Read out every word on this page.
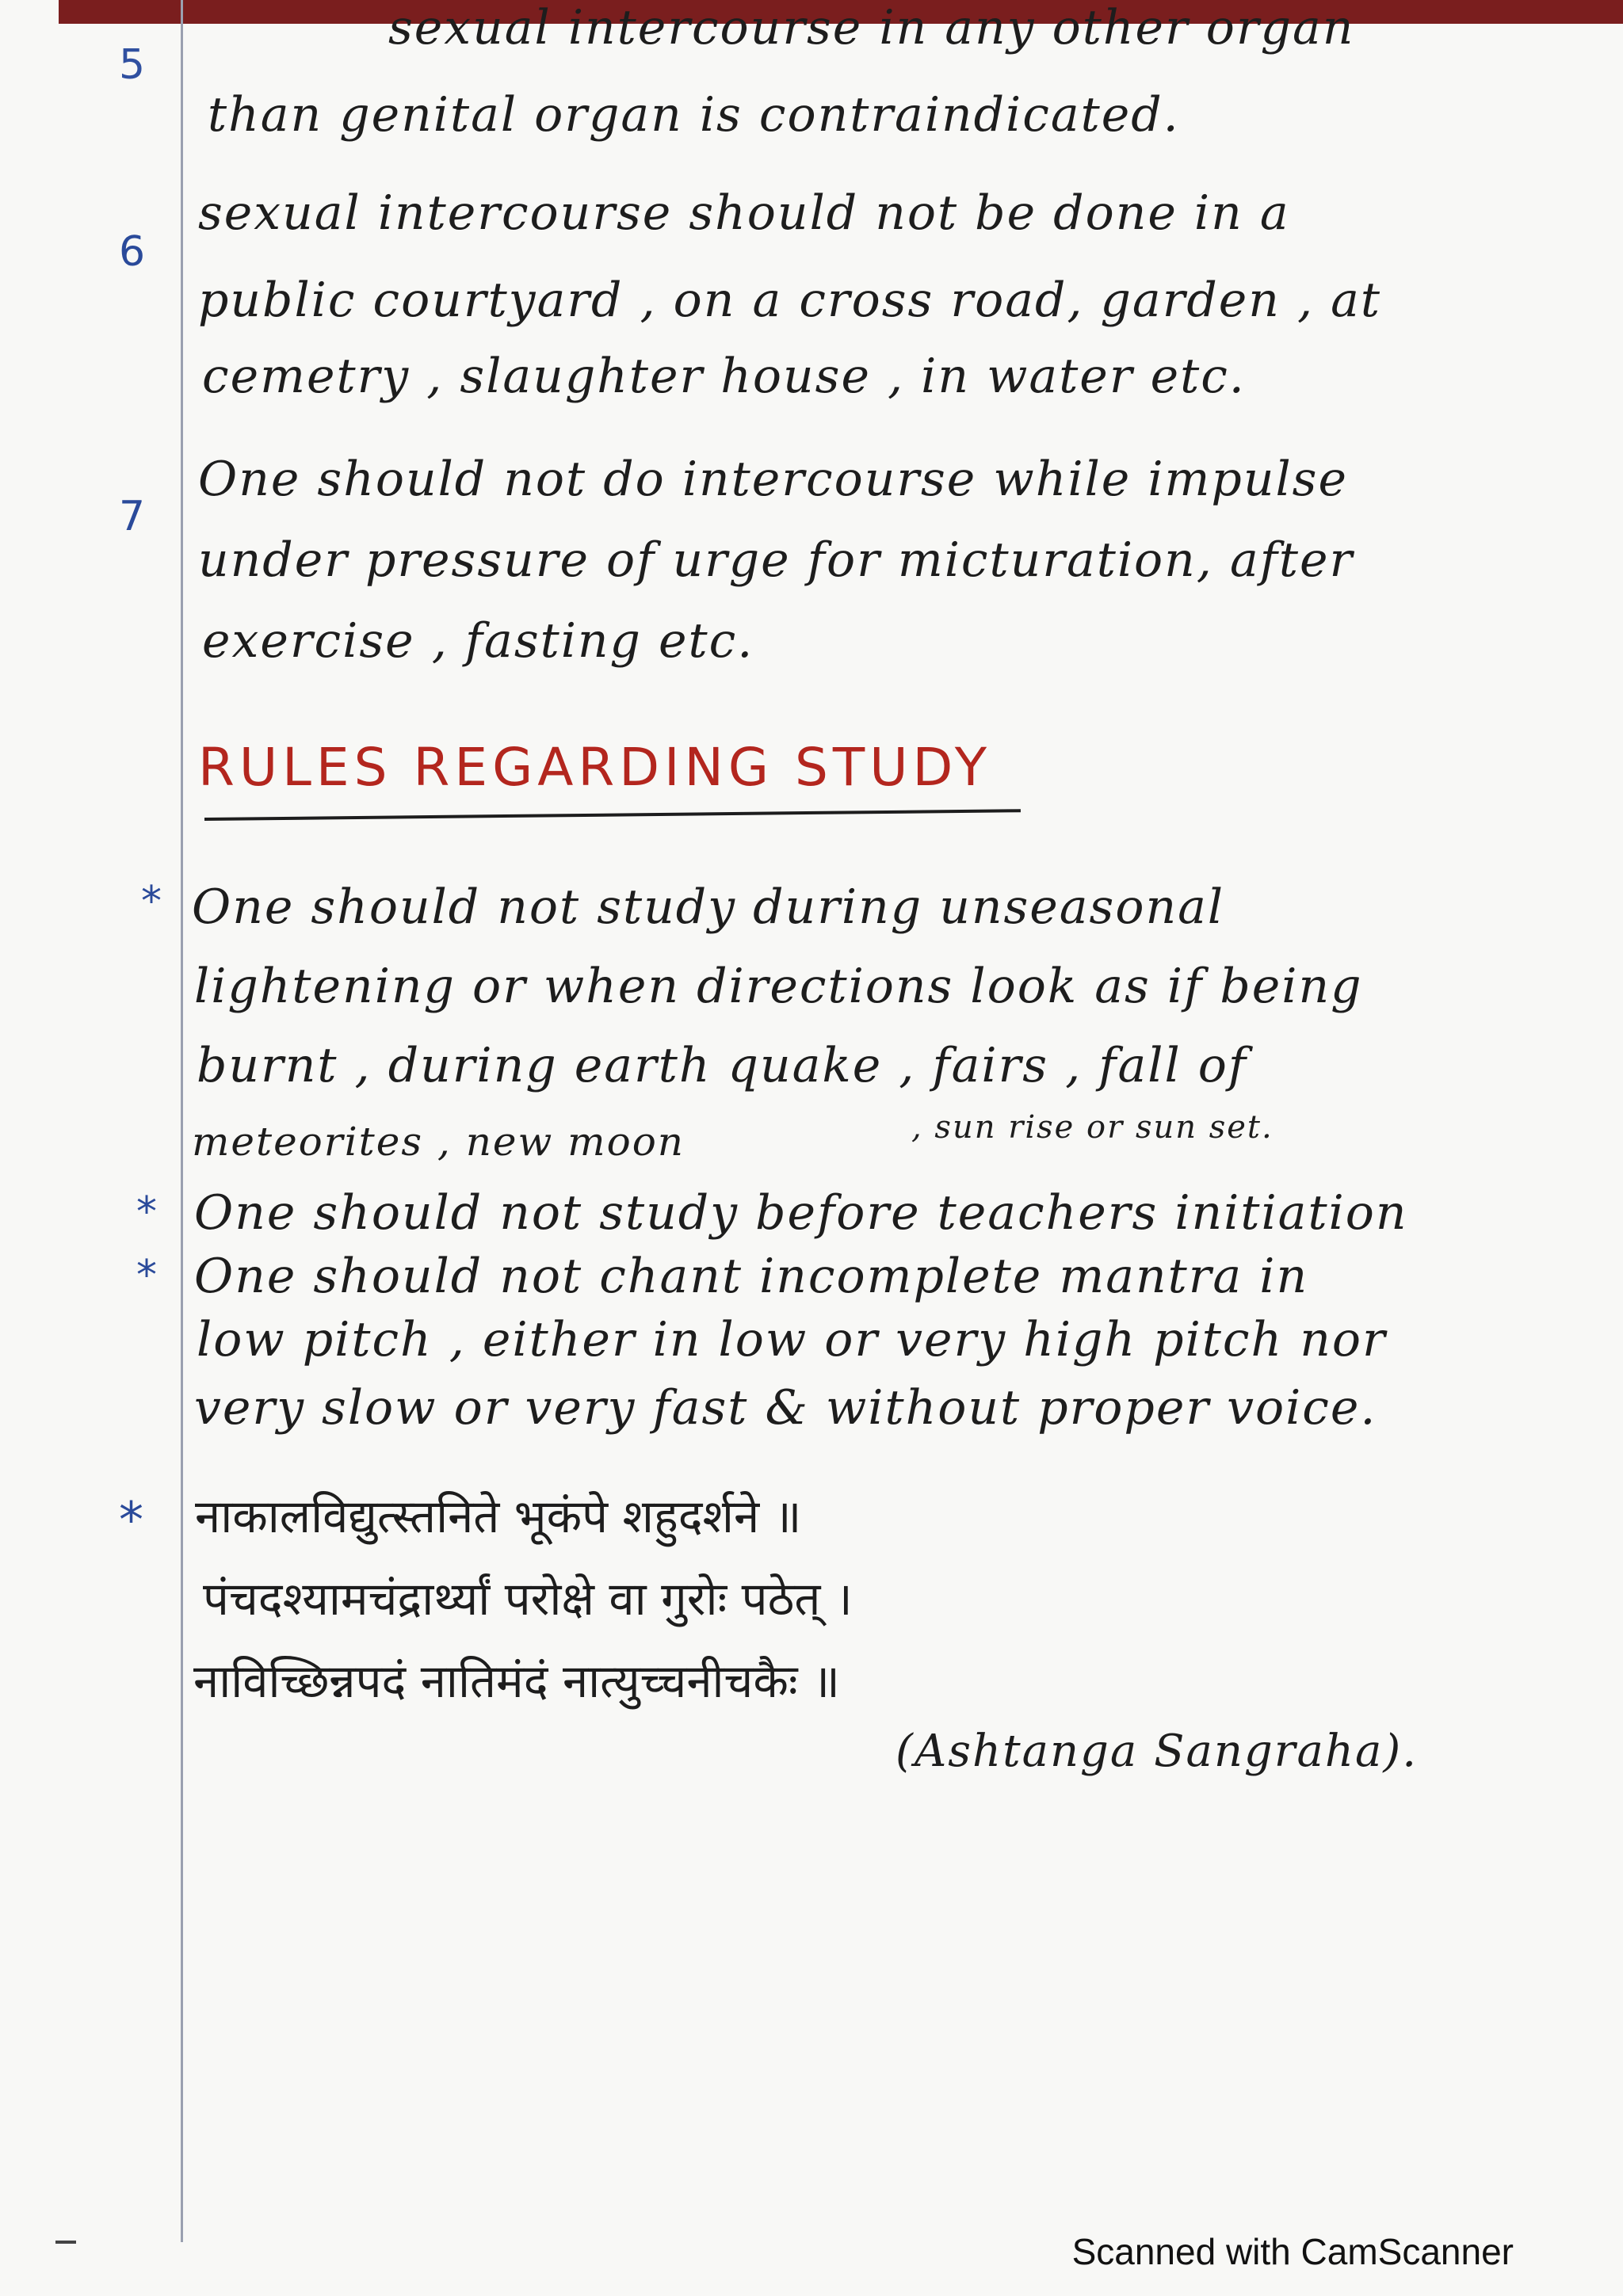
5
6
7
sexual intercourse in any other organ
than genital organ is contraindicated.
sexual intercourse should not be done in a
public courtyard , on a cross road, garden , at
cemetry , slaughter house , in water etc.
One should not do intercourse while impulse
under pressure of urge for micturation, after
exercise , fasting etc.
RULES REGARDING STUDY
*
*
*
*
One should not study during unseasonal
lightening or when directions look as if being
burnt , during earth quake , fairs , fall of
meteorites , new moon	, sun rise or sun set.
One should not study before teachers initiation
One should not chant incomplete mantra in
low pitch , either in low or very high pitch nor
very slow or very fast & without proper voice.
नाकालविद्युत्स्तनिते भूकंपे शहुदर्शने ॥
पंचदश्यामचंद्रार्थ्यां परोक्षे वा गुरोः पठेत् ।
नाविच्छिन्नपदं नातिमंदं नात्युच्चनीचकैः ॥
(Ashtanga Sangraha).
Scanned with CamScanner
